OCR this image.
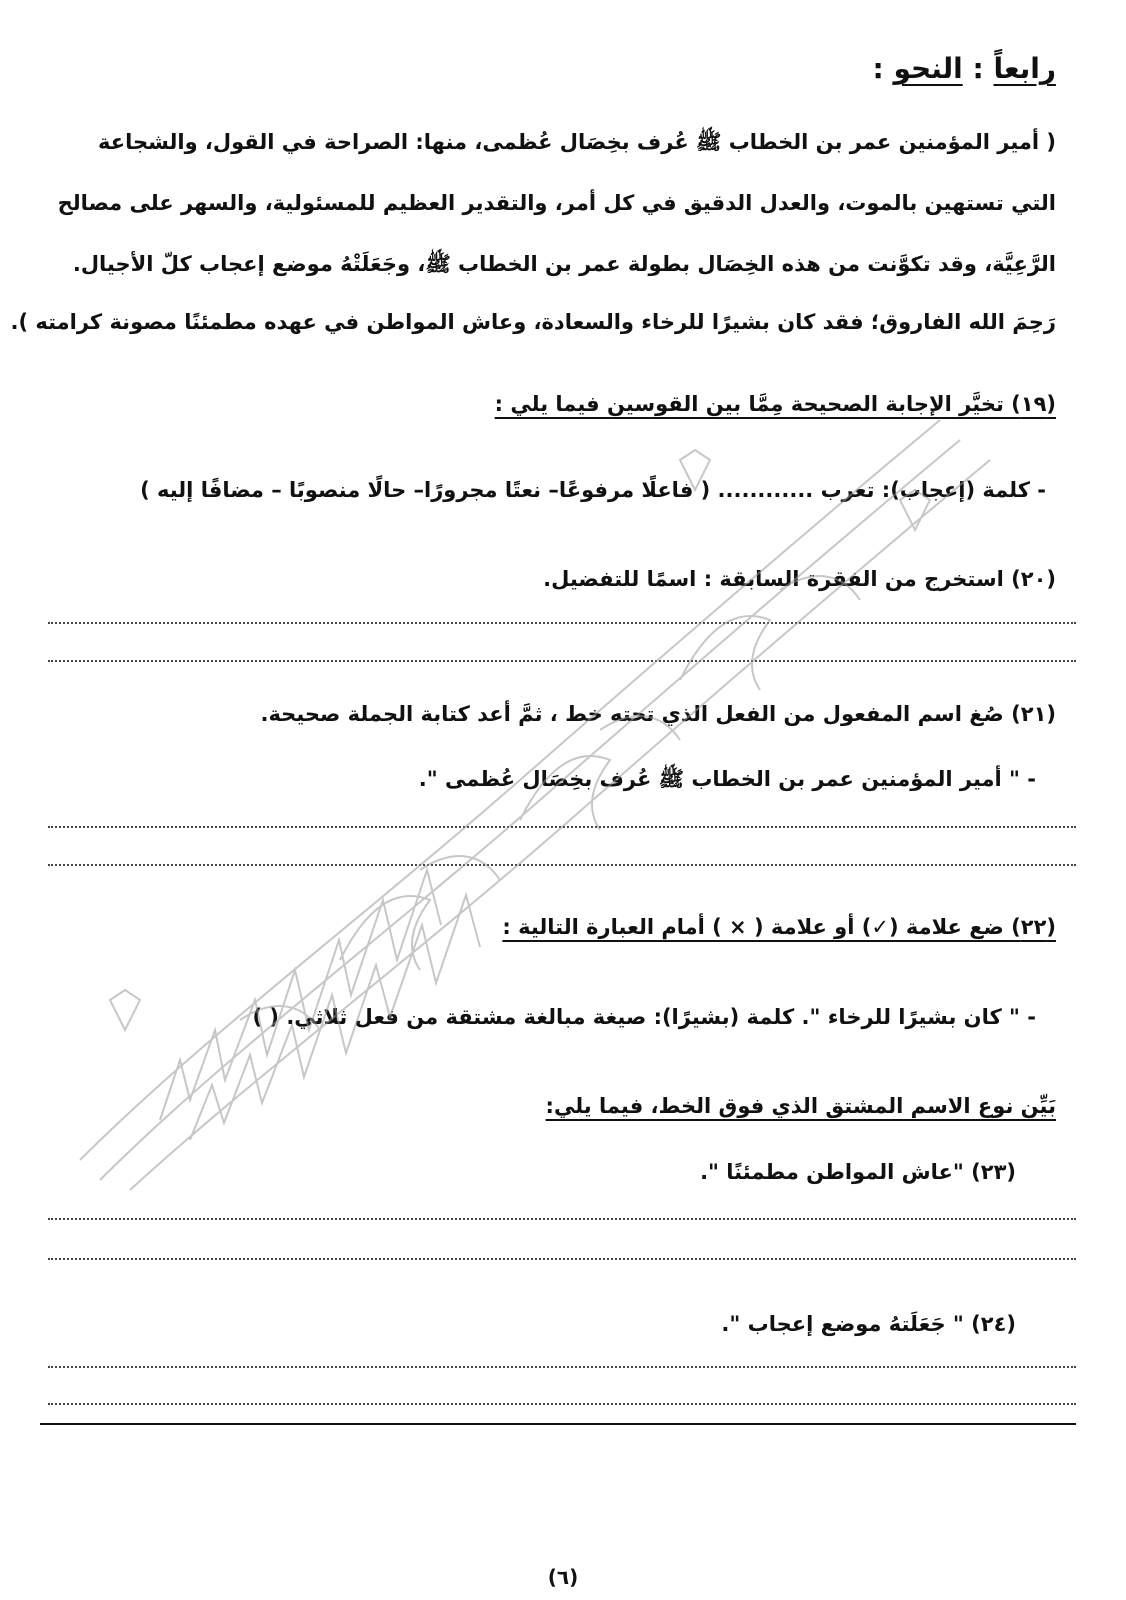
رابعاً : النحو :
( أمير المؤمنين عمر بن الخطاب ﷺ عُرف بخِصَال عُظمى، منها: الصراحة في القول، والشجاعة
التي تستهين بالموت، والعدل الدقيق في كل أمر، والتقدير العظيم للمسئولية، والسهر على مصالح
الرَّعِيَّة، وقد تكوَّنت من هذه الخِصَال بطولة عمر بن الخطاب ﷺ، وجَعَلَتْهُ موضع إعجاب كلّ الأجيال.
رَحِمَ الله الفاروق؛ فقد كان بشيرًا للرخاء والسعادة، وعاش المواطن في عهده مطمئنًا مصونة كرامته ).
(١٩) تخيَّر الإجابة الصحيحة مِمَّا بين القوسين فيما يلي :
- كلمة (إعجاب): تعرب ............ ( فاعلًا مرفوعًا– نعتًا مجرورًا– حالًا منصوبًا – مضافًا إليه )
(٢٠) استخرج من الفقرة السابقة : اسمًا للتفضيل.
(٢١) صُغ اسم المفعول من الفعل الذي تحته خط ، ثمَّ أعد كتابة الجملة صحيحة.
- " أمير المؤمنين عمر بن الخطاب ﷺ عُرف بخِصَال عُظمى ".
(٢٢) ضع علامة (✓) أو علامة ( × ) أمام العبارة التالية :
- " كان بشيرًا للرخاء ". كلمة (بشيرًا): صيغة مبالغة مشتقة من فعل ثلاثي. ( )
بَيِّن نوع الاسم المشتق الذي فوق الخط، فيما يلي:
(٢٣) "عاش المواطن مطمئنًا ".
(٢٤) " جَعَلَتهُ موضع إعجاب ".
(٦)
